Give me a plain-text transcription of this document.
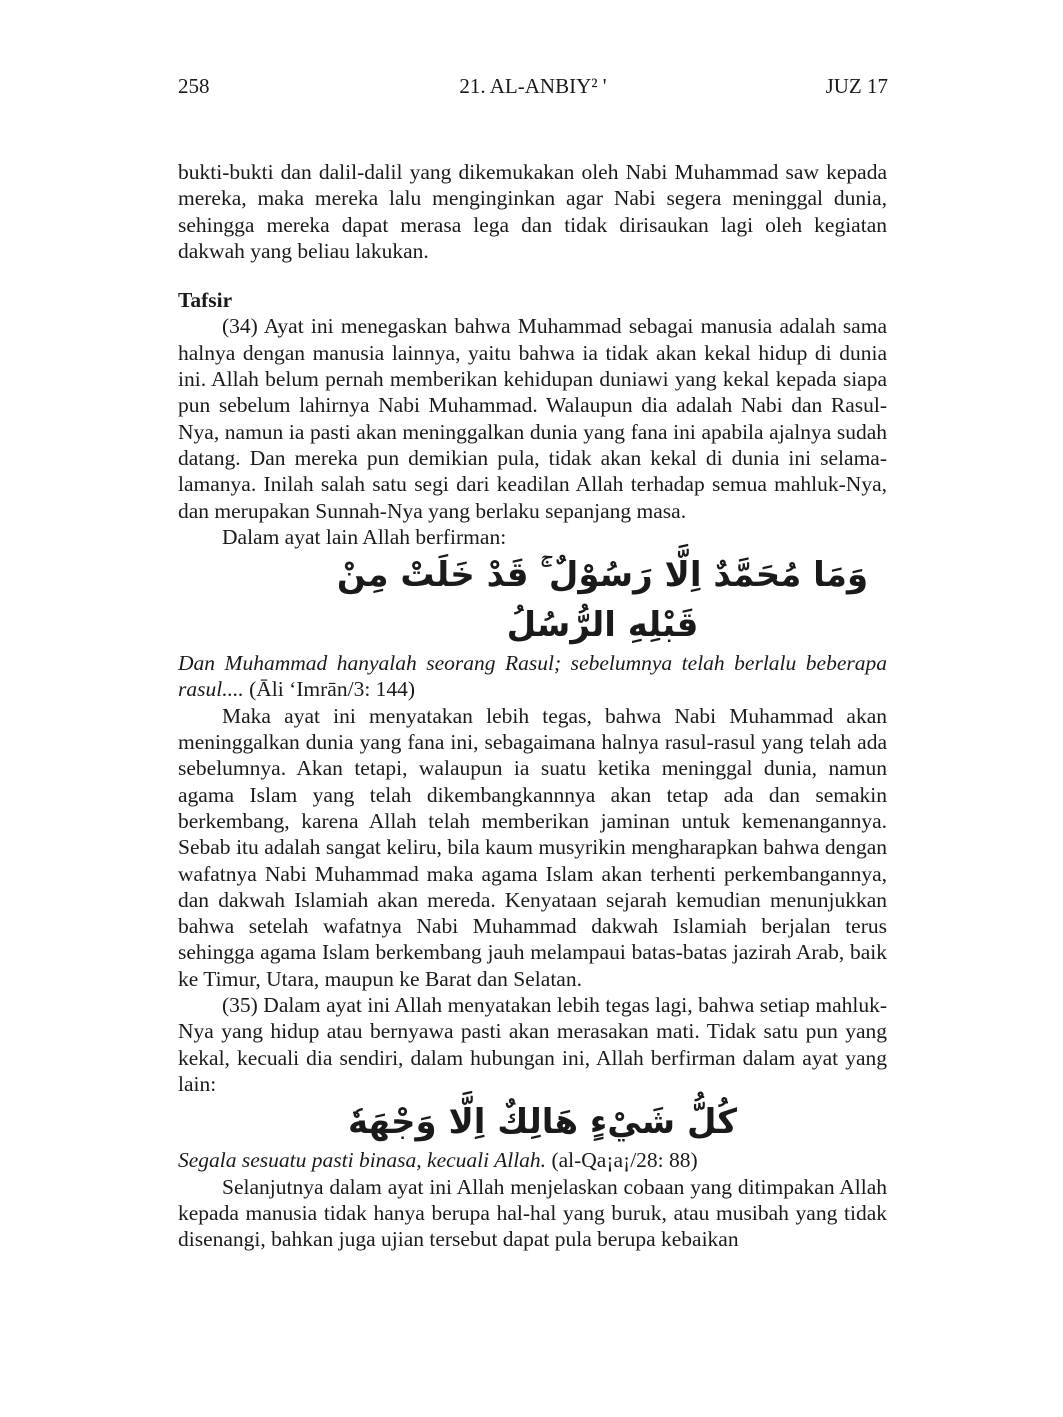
258	21. AL-ANBIY² '	JUZ 17

bukti-bukti dan dalil-dalil yang dikemukakan oleh Nabi Muhammad saw kepada mereka, maka mereka lalu menginginkan agar Nabi segera meninggal dunia, sehingga mereka dapat merasa lega dan tidak dirisaukan lagi oleh kegiatan dakwah yang beliau lakukan.

Tafsir

(34) Ayat ini menegaskan bahwa Muhammad sebagai manusia adalah sama halnya dengan manusia lainnya, yaitu bahwa ia tidak akan kekal hidup di dunia ini. Allah belum pernah memberikan kehidupan duniawi yang kekal kepada siapa pun sebelum lahirnya Nabi Muhammad. Walaupun dia adalah Nabi dan Rasul-Nya, namun ia pasti akan meninggalkan dunia yang fana ini apabila ajalnya sudah datang. Dan mereka pun demikian pula, tidak akan kekal di dunia ini selama-lamanya. Inilah salah satu segi dari keadilan Allah terhadap semua mahluk-Nya, dan merupakan Sunnah-Nya yang berlaku sepanjang masa.

Dalam ayat lain Allah berfirman:

وَمَا مُحَمَّدٌ اِلَّا رَسُوْلٌ ۚ قَدْ خَلَتْ مِنْ قَبْلِهِ الرُّسُلُ

Dan Muhammad hanyalah seorang Rasul; sebelumnya telah berlalu beberapa rasul.... (Āli ‘Imrān/3: 144)

Maka ayat ini menyatakan lebih tegas, bahwa Nabi Muhammad akan meninggalkan dunia yang fana ini, sebagaimana halnya rasul-rasul yang telah ada sebelumnya. Akan tetapi, walaupun ia suatu ketika meninggal dunia, namun agama Islam yang telah dikembangkannnya akan tetap ada dan semakin berkembang, karena Allah telah memberikan jaminan untuk kemenangannya. Sebab itu adalah sangat keliru, bila kaum musyrikin mengharapkan bahwa dengan wafatnya Nabi Muhammad maka agama Islam akan terhenti perkembangannya, dan dakwah Islamiah akan mereda. Kenyataan sejarah kemudian menunjukkan bahwa setelah wafatnya Nabi Muhammad dakwah Islamiah berjalan terus sehingga agama Islam berkembang jauh melampaui batas-batas jazirah Arab, baik ke Timur, Utara, maupun ke Barat dan Selatan.

(35) Dalam ayat ini Allah menyatakan lebih tegas lagi, bahwa setiap mahluk-Nya yang hidup atau bernyawa pasti akan merasakan mati. Tidak satu pun yang kekal, kecuali dia sendiri, dalam hubungan ini, Allah berfirman dalam ayat yang lain:

كُلُّ شَيْءٍ هَالِكٌ اِلَّا وَجْهَهٗ

Segala sesuatu pasti binasa, kecuali Allah. (al-Qa¡a¡/28: 88)

Selanjutnya dalam ayat ini Allah menjelaskan cobaan yang ditimpakan Allah kepada manusia tidak hanya berupa hal-hal yang buruk, atau musibah yang tidak disenangi, bahkan juga ujian tersebut dapat pula berupa kebaikan
